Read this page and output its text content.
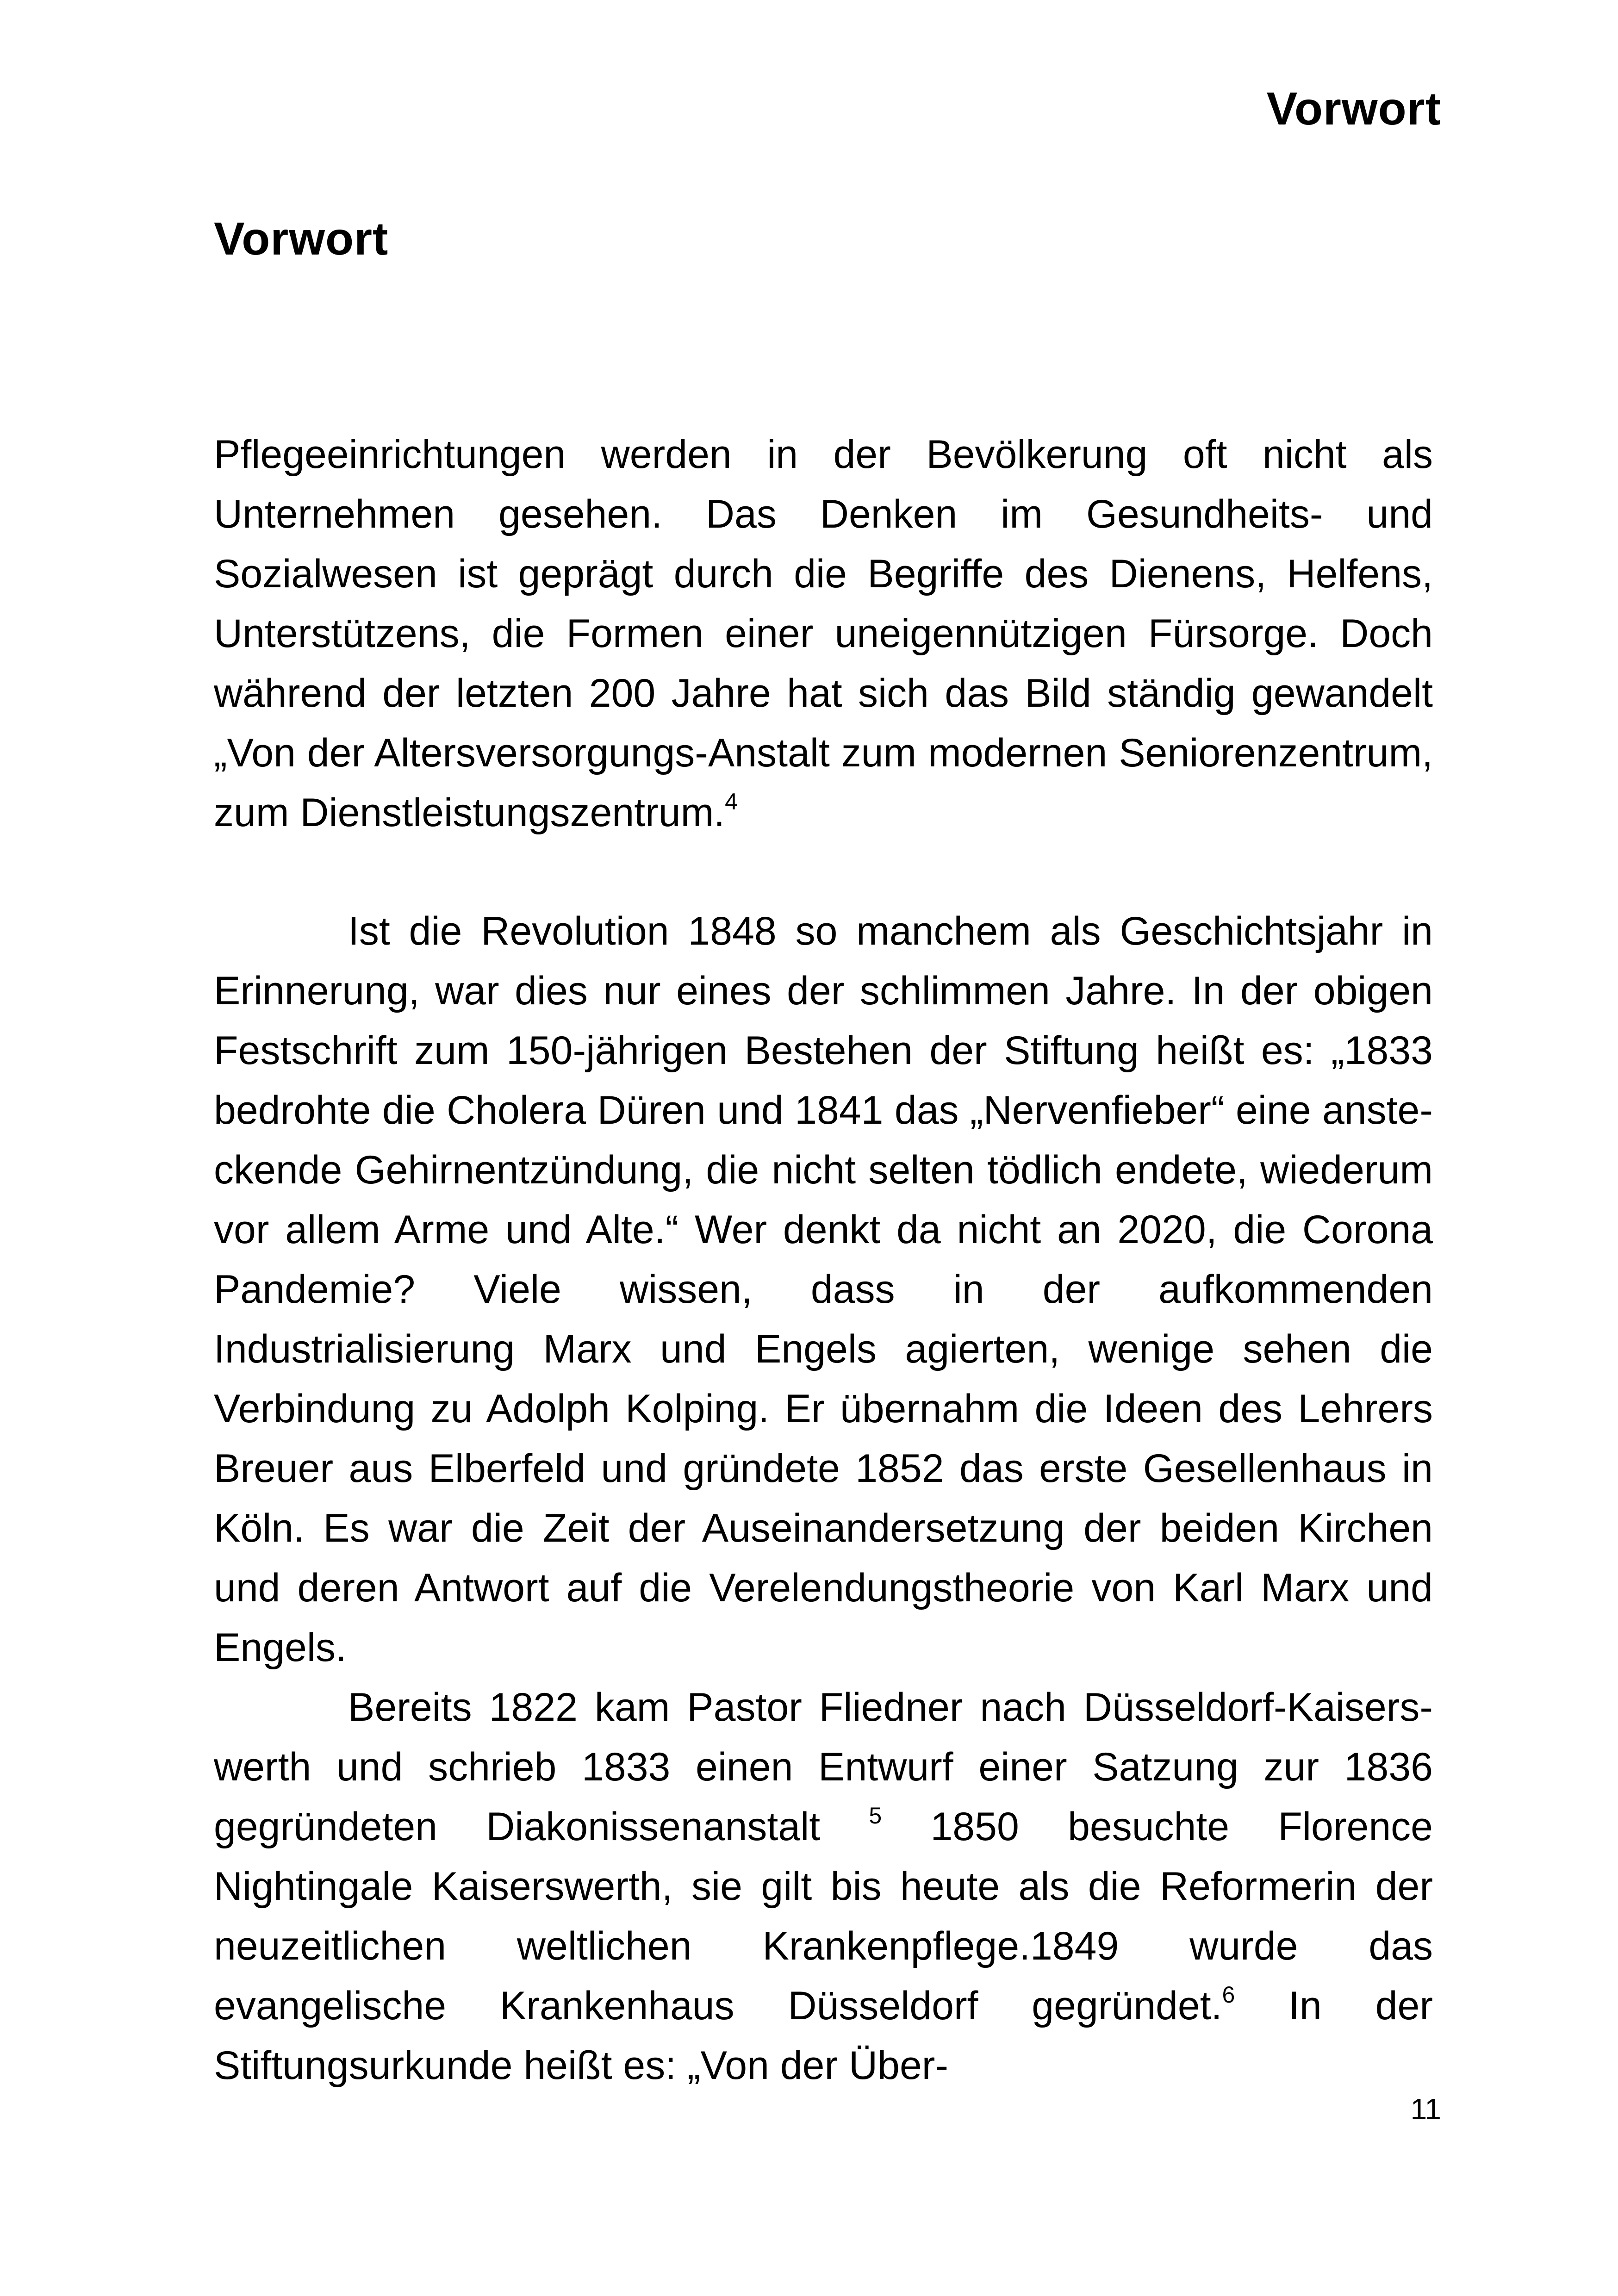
Vorwort
Vorwort

Pflegeeinrichtungen werden in der Bevölkerung oft nicht als Unternehmen gesehen. Das Denken im Gesundheits- und Sozialwesen ist geprägt durch die Begriffe des Dienens, Helfens, Unterstützens, die Formen einer uneigennützigen Fürsorge. Doch während der letzten 200 Jahre hat sich das Bild ständig gewandelt „Von der Altersversorgungs-Anstalt zum modernen Seniorenzentrum, zum Dienstleistungszentrum.$^4$

Ist die Revolution 1848 so manchem als Geschichtsjahr in Erinnerung, war dies nur eines der schlimmen Jahre. In der obigen Festschrift zum 150-jährigen Bestehen der Stiftung heißt es: „1833 bedrohte die Cholera Düren und 1841 das „Nervenfieber“ eine ansteckende Gehirnentzündung, die nicht selten tödlich endete, wiederum vor allem Arme und Alte.“ Wer denkt da nicht an 2020, die Corona Pandemie? Viele wissen, dass in der aufkommenden Industrialisierung Marx und Engels agierten, wenige sehen die Verbindung zu Adolph Kolping. Er übernahm die Ideen des Lehrers Breuer aus Elberfeld und gründete 1852 das erste Gesellenhaus in Köln. Es war die Zeit der Auseinandersetzung der beiden Kirchen und deren Antwort auf die Verelendungstheorie von Karl Marx und Engels.

Bereits 1822 kam Pastor Fliedner nach Düsseldorf-Kaiserswerth und schrieb 1833 einen Entwurf einer Satzung zur 1836 gegründeten Diakonissenanstalt $^5$ 1850 besuchte Florence Nightingale Kaiserswerth, sie gilt bis heute als die Reformerin der neuzeitlichen weltlichen Krankenpflege.1849 wurde das evangelische Krankenhaus Düsseldorf gegründet.$^6$ In der Stiftungsurkunde heißt es: „Von der Über-

11
